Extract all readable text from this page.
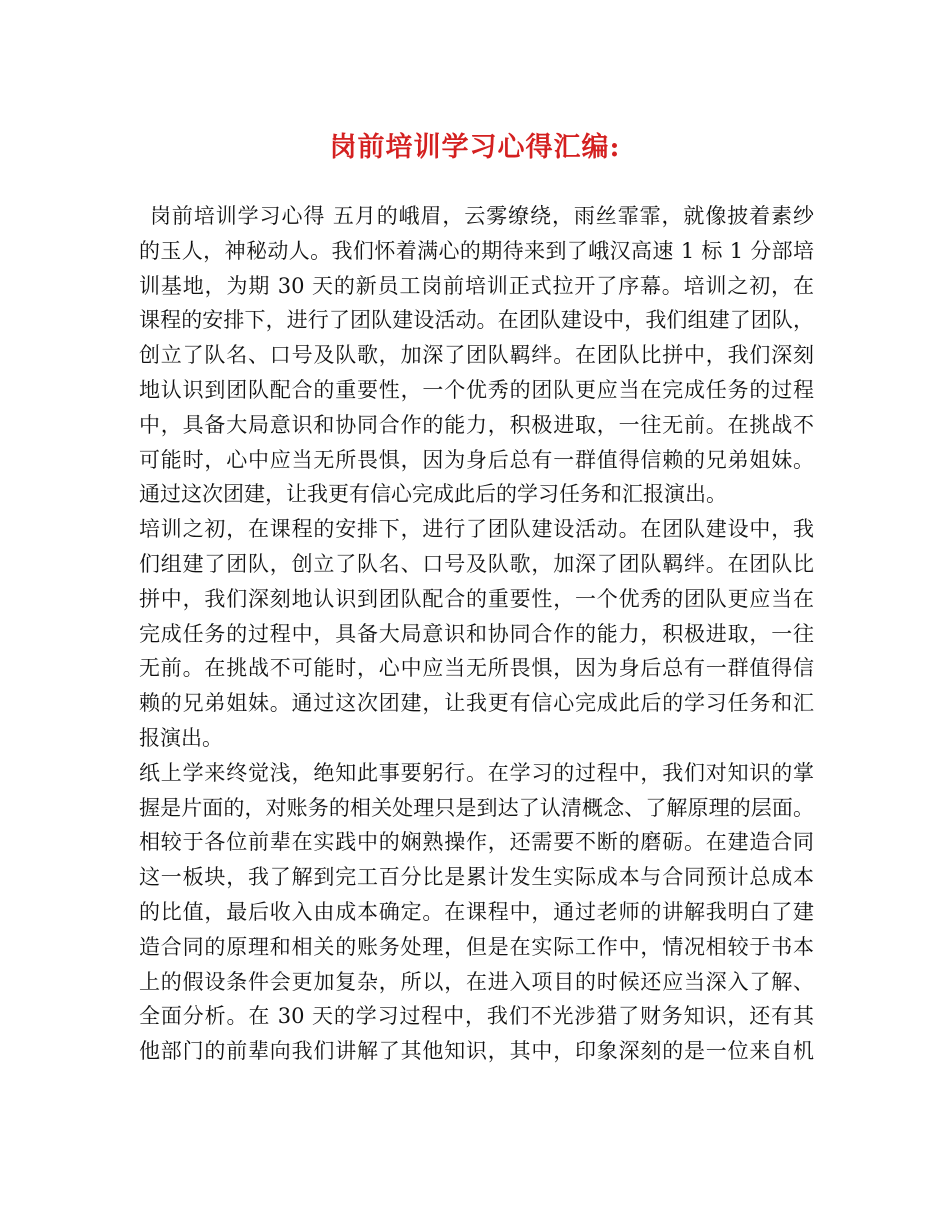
岗前培训学习心得汇编:
岗前培训学习心得 五月的峨眉，云雾缭绕，雨丝霏霏，就像披着素纱
的玉人，神秘动人。我们怀着满心的期待来到了峨汉高速 1 标 1 分部培
训基地，为期 30 天的新员工岗前培训正式拉开了序幕。培训之初，在
课程的安排下，进行了团队建设活动。在团队建设中，我们组建了团队，
创立了队名、口号及队歌，加深了团队羁绊。在团队比拼中，我们深刻
地认识到团队配合的重要性，一个优秀的团队更应当在完成任务的过程
中，具备大局意识和协同合作的能力，积极进取，一往无前。在挑战不
可能时，心中应当无所畏惧，因为身后总有一群值得信赖的兄弟姐妹。
通过这次团建，让我更有信心完成此后的学习任务和汇报演出。
培训之初，在课程的安排下，进行了团队建设活动。在团队建设中，我
们组建了团队，创立了队名、口号及队歌，加深了团队羁绊。在团队比
拼中，我们深刻地认识到团队配合的重要性，一个优秀的团队更应当在
完成任务的过程中，具备大局意识和协同合作的能力，积极进取，一往
无前。在挑战不可能时，心中应当无所畏惧，因为身后总有一群值得信
赖的兄弟姐妹。通过这次团建，让我更有信心完成此后的学习任务和汇
报演出。
纸上学来终觉浅，绝知此事要躬行。在学习的过程中，我们对知识的掌
握是片面的，对账务的相关处理只是到达了认清概念、了解原理的层面。
相较于各位前辈在实践中的娴熟操作，还需要不断的磨砺。在建造合同
这一板块，我了解到完工百分比是累计发生实际成本与合同预计总成本
的比值，最后收入由成本确定。在课程中，通过老师的讲解我明白了建
造合同的原理和相关的账务处理，但是在实际工作中，情况相较于书本
上的假设条件会更加复杂，所以，在进入项目的时候还应当深入了解、
全面分析。在 30 天的学习过程中，我们不光涉猎了财务知识，还有其
他部门的前辈向我们讲解了其他知识，其中，印象深刻的是一位来自机
